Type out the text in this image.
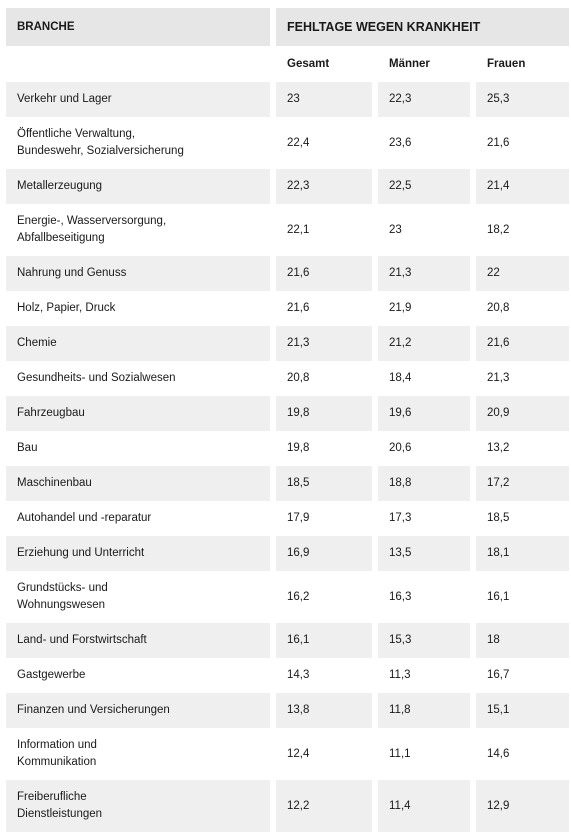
BRANCHE	FEHLTAGE WEGEN KRANKHEIT
Gesamt	Männer	Frauen
Verkehr und Lager	23	22,3	25,3
Öffentliche Verwaltung,
Bundeswehr, Sozialversicherung
22,4	23,6	21,6
Metallerzeugung	22,3	22,5	21,4
Energie-, Wasserversorgung,
Abfallbeseitigung
22,1	23	18,2
Nahrung und Genuss	21,6	21,3	22
Holz, Papier, Druck	21,6	21,9	20,8
Chemie	21,3	21,2	21,6
Gesundheits- und Sozialwesen	20,8	18,4	21,3
Fahrzeugbau	19,8	19,6	20,9
Bau	19,8	20,6	13,2
Maschinenbau	18,5	18,8	17,2
Autohandel und -reparatur	17,9	17,3	18,5
Erziehung und Unterricht	16,9	13,5	18,1
Grundstücks- und
Wohnungswesen
16,2	16,3	16,1
Land- und Forstwirtschaft	16,1	15,3	18
Gastgewerbe	14,3	11,3	16,7
Finanzen und Versicherungen	13,8	11,8	15,1
Information und
Kommunikation
12,4	11,1	14,6
Freiberufliche
Dienstleistungen
12,2	11,4	12,9
